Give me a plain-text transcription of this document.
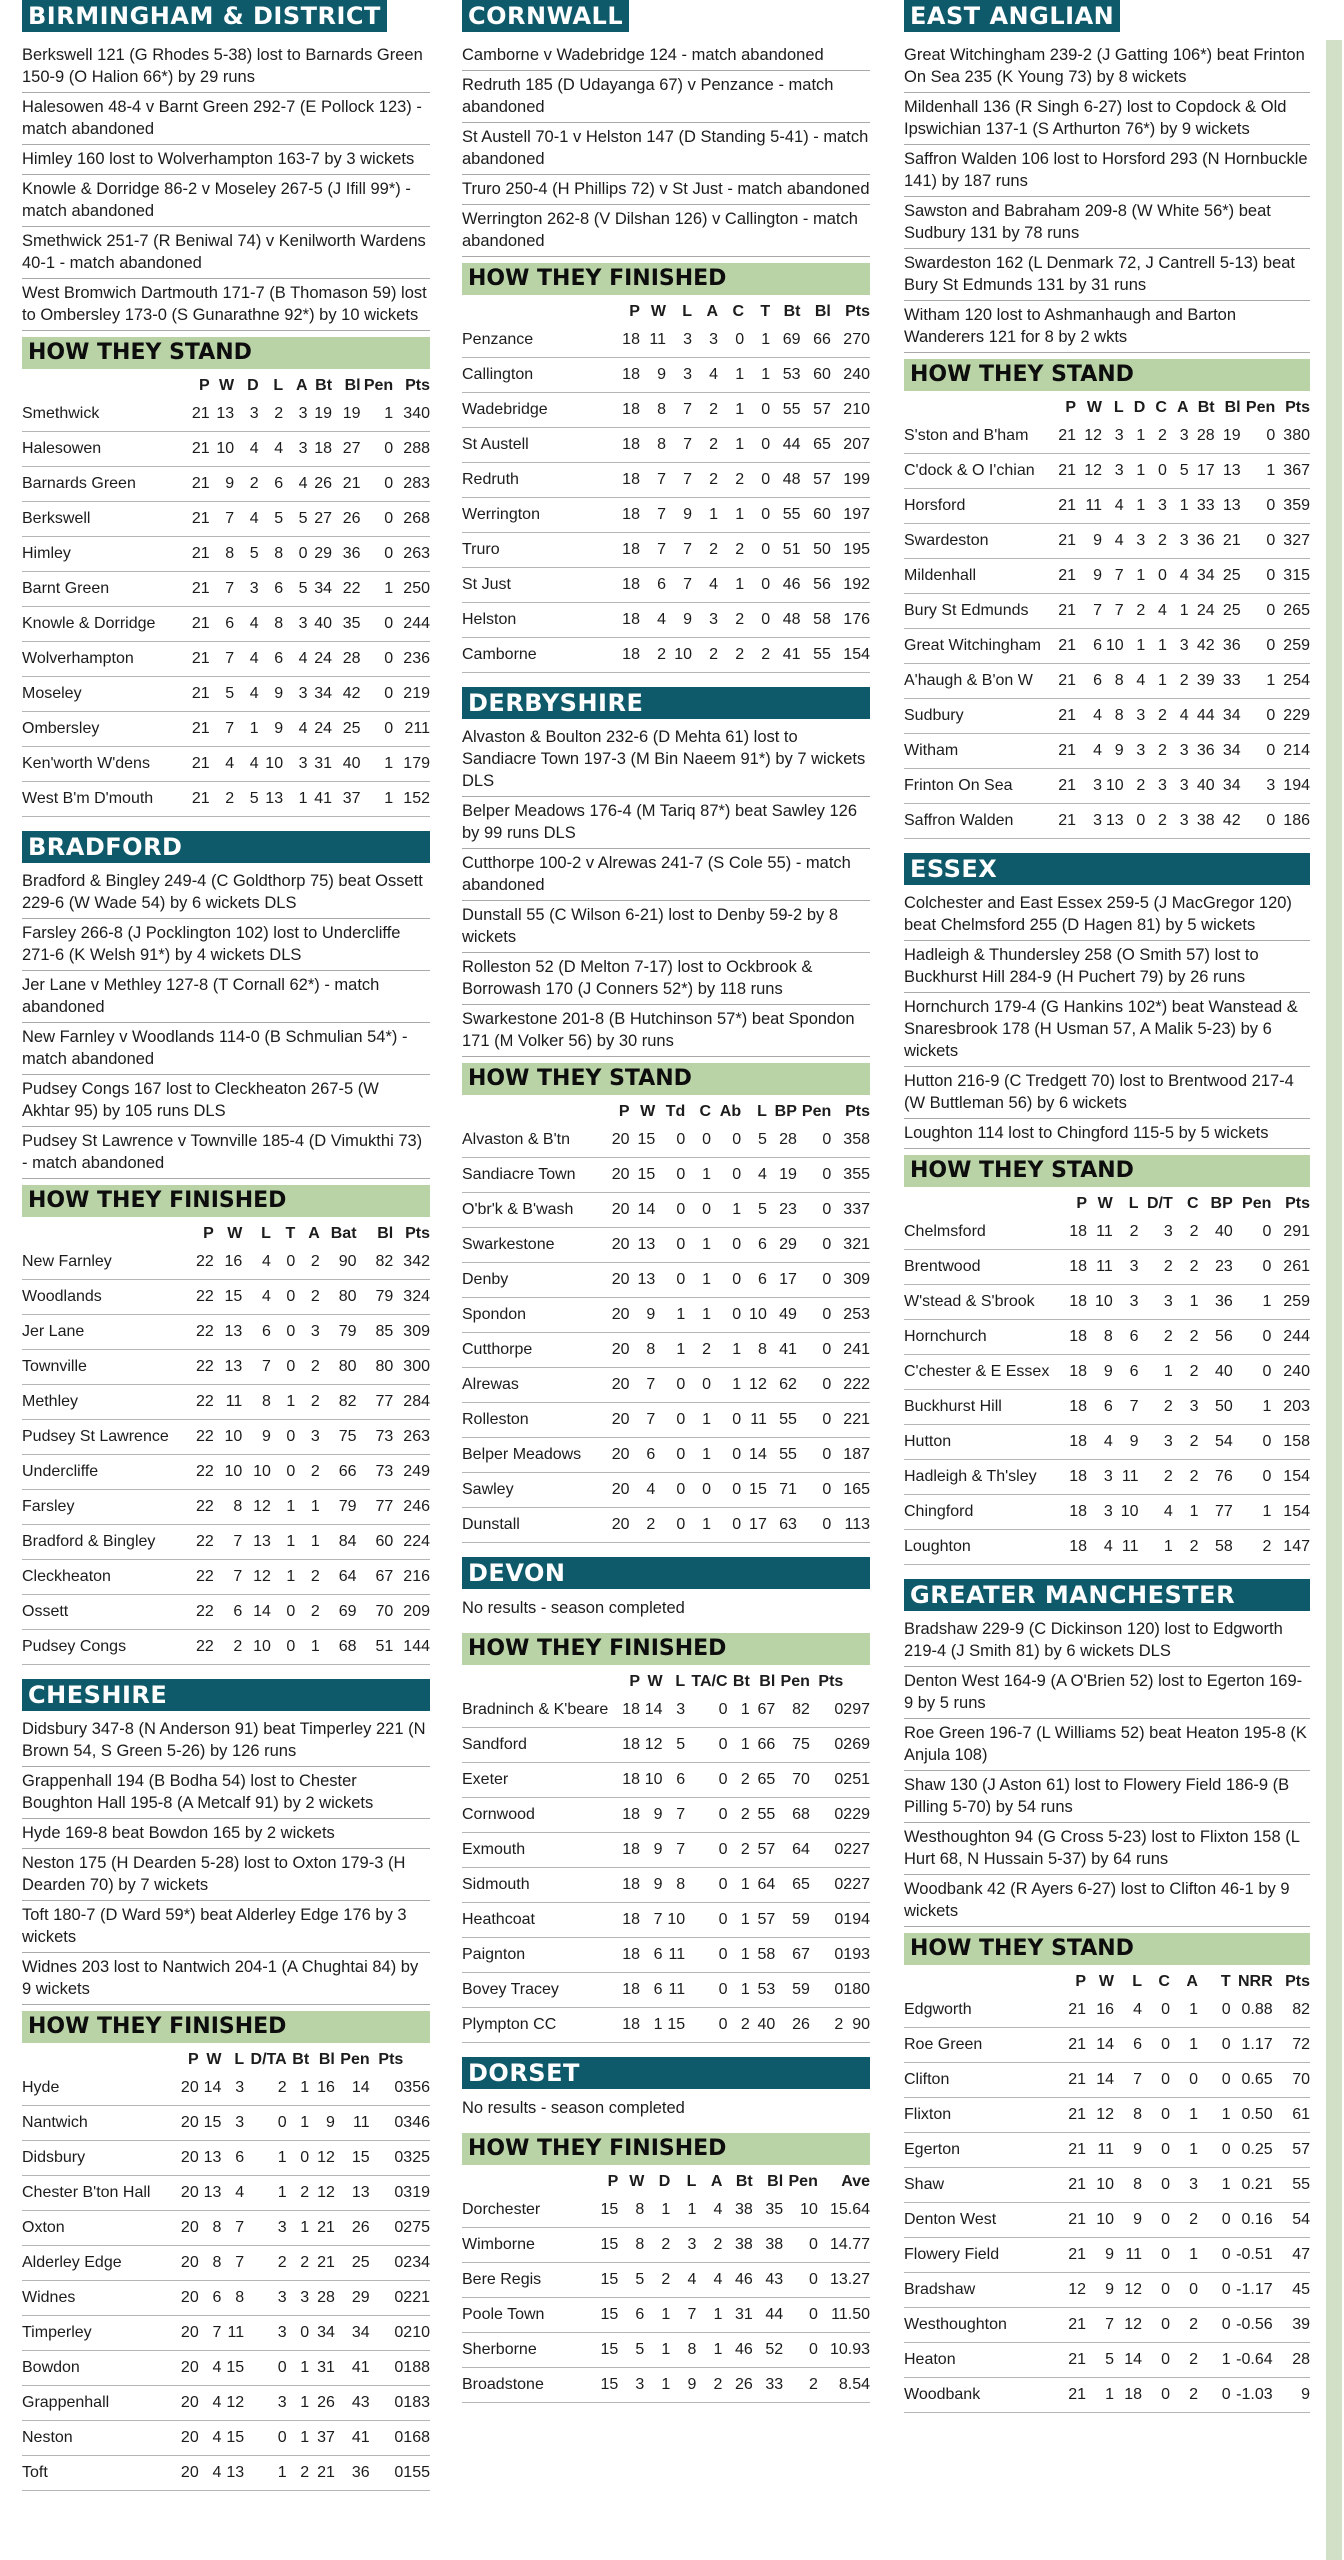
BIRMINGHAM & DISTRICT
Berkswell 121 (G Rhodes 5-38) lost to Barnards Green 150-9 (O Halion 66*) by 29 runs
Halesowen 48-4 v Barnt Green 292-7 (E Pollock 123) - match abandoned
Himley 160 lost to Wolverhampton 163-7 by 3 wickets
Knowle & Dorridge 86-2 v Moseley 267-5 (J Ifill 99*) - match abandoned
Smethwick 251-7 (R Beniwal 74) v Kenilworth Wardens 40-1 - match abandoned
West Bromwich Dartmouth 171-7 (B Thomason 59) lost to Ombersley 173-0 (S Gunarathne 92*) by 10 wickets
HOW THEY STAND
	P	W	D	L	A	Bt	Bl	Pen	Pts
Smethwick	21	13	3	2	3	19	19	1	340
Halesowen	21	10	4	4	3	18	27	0	288
Barnards Green	21	9	2	6	4	26	21	0	283
Berkswell	21	7	4	5	5	27	26	0	268
Himley	21	8	5	8	0	29	36	0	263
Barnt Green	21	7	3	6	5	34	22	1	250
Knowle & Dorridge	21	6	4	8	3	40	35	0	244
Wolverhampton	21	7	4	6	4	24	28	0	236
Moseley	21	5	4	9	3	34	42	0	219
Ombersley	21	7	1	9	4	24	25	0	211
Ken'worth W'dens	21	4	4	10	3	31	40	1	179
West B'm D'mouth	21	2	5	13	1	41	37	1	152
BRADFORD
Bradford & Bingley 249-4 (C Goldthorp 75) beat Ossett 229-6 (W Wade 54) by 6 wickets DLS
Farsley 266-8 (J Pocklington 102) lost to Undercliffe 271-6 (K Welsh 91*) by 4 wickets DLS
Jer Lane v Methley 127-8 (T Cornall 62*) - match abandoned
New Farnley v Woodlands 114-0 (B Schmulian 54*) - match abandoned
Pudsey Congs 167 lost to Cleckheaton 267-5 (W Akhtar 95) by 105 runs DLS
Pudsey St Lawrence v Townville 185-4 (D Vimukthi 73) - match abandoned
HOW THEY FINISHED
	P	W	L	T	A	Bat	Bl	Pts
New Farnley	22	16	4	0	2	90	82	342
Woodlands	22	15	4	0	2	80	79	324
Jer Lane	22	13	6	0	3	79	85	309
Townville	22	13	7	0	2	80	80	300
Methley	22	11	8	1	2	82	77	284
Pudsey St Lawrence	22	10	9	0	3	75	73	263
Undercliffe	22	10	10	0	2	66	73	249
Farsley	22	8	12	1	1	79	77	246
Bradford & Bingley	22	7	13	1	1	84	60	224
Cleckheaton	22	7	12	1	2	64	67	216
Ossett	22	6	14	0	2	69	70	209
Pudsey Congs	22	2	10	0	1	68	51	144
CHESHIRE
Didsbury 347-8 (N Anderson 91) beat Timperley 221 (N Brown 54, S Green 5-26) by 126 runs
Grappenhall 194 (B Bodha 54) lost to Chester Boughton Hall 195-8 (A Metcalf 91) by 2 wickets
Hyde 169-8 beat Bowdon 165 by 2 wickets
Neston 175 (H Dearden 5-28) lost to Oxton 179-3 (H Dearden 70) by 7 wickets
Toft 180-7 (D Ward 59*) beat Alderley Edge 176 by 3 wickets
Widnes 203 lost to Nantwich 204-1 (A Chughtai 84) by 9 wickets
HOW THEY FINISHED
	P	W	L	D/TA	Bt	Bl	Pen	Pts	
Hyde	20	14	3	2	1	16	14	0	356
Nantwich	20	15	3	0	1	9	11	0	346
Didsbury	20	13	6	1	0	12	15	0	325
Chester B'ton Hall	20	13	4	1	2	12	13	0	319
Oxton	20	8	7	3	1	21	26	0	275
Alderley Edge	20	8	7	2	2	21	25	0	234
Widnes	20	6	8	3	3	28	29	0	221
Timperley	20	7	11	3	0	34	34	0	210
Bowdon	20	4	15	0	1	31	41	0	188
Grappenhall	20	4	12	3	1	26	43	0	183
Neston	20	4	15	0	1	37	41	0	168
Toft	20	4	13	1	2	21	36	0	155
CORNWALL
Camborne v Wadebridge 124 - match abandoned
Redruth 185 (D Udayanga 67) v Penzance - match abandoned
St Austell 70-1 v Helston 147 (D Standing 5-41) - match abandoned
Truro 250-4 (H Phillips 72) v St Just - match abandoned
Werrington 262-8 (V Dilshan 126) v Callington - match abandoned
HOW THEY FINISHED
	P	W	L	A	C	T	Bt	Bl	Pts
Penzance	18	11	3	3	0	1	69	66	270
Callington	18	9	3	4	1	1	53	60	240
Wadebridge	18	8	7	2	1	0	55	57	210
St Austell	18	8	7	2	1	0	44	65	207
Redruth	18	7	7	2	2	0	48	57	199
Werrington	18	7	9	1	1	0	55	60	197
Truro	18	7	7	2	2	0	51	50	195
St Just	18	6	7	4	1	0	46	56	192
Helston	18	4	9	3	2	0	48	58	176
Camborne	18	2	10	2	2	2	41	55	154
DERBYSHIRE
Alvaston & Boulton 232-6 (D Mehta 61) lost to Sandiacre Town 197-3 (M Bin Naeem 91*) by 7 wickets DLS
Belper Meadows 176-4 (M Tariq 87*) beat Sawley 126 by 99 runs DLS
Cutthorpe 100-2 v Alrewas 241-7 (S Cole 55) - match abandoned
Dunstall 55 (C Wilson 6-21) lost to Denby 59-2 by 8 wickets
Rolleston 52 (D Melton 7-17) lost to Ockbrook & Borrowash 170 (J Conners 52*) by 118 runs
Swarkestone 201-8 (B Hutchinson 57*) beat Spondon 171 (M Volker 56) by 30 runs
HOW THEY STAND
	P	W	Td	C	Ab	L	BP	Pen	Pts
Alvaston & B'tn	20	15	0	0	0	5	28	0	358
Sandiacre Town	20	15	0	1	0	4	19	0	355
O'br'k & B'wash	20	14	0	0	1	5	23	0	337
Swarkestone	20	13	0	1	0	6	29	0	321
Denby	20	13	0	1	0	6	17	0	309
Spondon	20	9	1	1	0	10	49	0	253
Cutthorpe	20	8	1	2	1	8	41	0	241
Alrewas	20	7	0	0	1	12	62	0	222
Rolleston	20	7	0	1	0	11	55	0	221
Belper Meadows	20	6	0	1	0	14	55	0	187
Sawley	20	4	0	0	0	15	71	0	165
Dunstall	20	2	0	1	0	17	63	0	113
DEVON
No results - season completed
HOW THEY FINISHED
	P	W	L	TA/C	Bt	Bl	Pen	Pts	
Bradninch & K'beare	18	14	3	0	1	67	82	0	297
Sandford	18	12	5	0	1	66	75	0	269
Exeter	18	10	6	0	2	65	70	0	251
Cornwood	18	9	7	0	2	55	68	0	229
Exmouth	18	9	7	0	2	57	64	0	227
Sidmouth	18	9	8	0	1	64	65	0	227
Heathcoat	18	7	10	0	1	57	59	0	194
Paignton	18	6	11	0	1	58	67	0	193
Bovey Tracey	18	6	11	0	1	53	59	0	180
Plympton CC	18	1	15	0	2	40	26	2	90
DORSET
No results - season completed
HOW THEY FINISHED
	P	W	D	L	A	Bt	Bl	Pen	Ave
Dorchester	15	8	1	1	4	38	35	10	15.64
Wimborne	15	8	2	3	2	38	38	0	14.77
Bere Regis	15	5	2	4	4	46	43	0	13.27
Poole Town	15	6	1	7	1	31	44	0	11.50
Sherborne	15	5	1	8	1	46	52	0	10.93
Broadstone	15	3	1	9	2	26	33	2	8.54
EAST ANGLIAN
Great Witchingham 239-2 (J Gatting 106*) beat Frinton On Sea 235 (K Young 73) by 8 wickets
Mildenhall 136 (R Singh 6-27) lost to Copdock & Old Ipswichian 137-1 (S Arthurton 76*) by 9 wickets
Saffron Walden 106 lost to Horsford 293 (N Hornbuckle 141) by 187 runs
Sawston and Babraham 209-8 (W White 56*) beat Sudbury 131 by 78 runs
Swardeston 162 (L Denmark 72, J Cantrell 5-13) beat Bury St Edmunds 131 by 31 runs
Witham 120 lost to Ashmanhaugh and Barton Wanderers 121 for 8 by 2 wkts
HOW THEY STAND
	P	W	L	D	C	A	Bt	Bl	Pen	Pts
S'ston and B'ham	21	12	3	1	2	3	28	19	0	380
C'dock & O I'chian	21	12	3	1	0	5	17	13	1	367
Horsford	21	11	4	1	3	1	33	13	0	359
Swardeston	21	9	4	3	2	3	36	21	0	327
Mildenhall	21	9	7	1	0	4	34	25	0	315
Bury St Edmunds	21	7	7	2	4	1	24	25	0	265
Great Witchingham	21	6	10	1	1	3	42	36	0	259
A'haugh & B'on W	21	6	8	4	1	2	39	33	1	254
Sudbury	21	4	8	3	2	4	44	34	0	229
Witham	21	4	9	3	2	3	36	34	0	214
Frinton On Sea	21	3	10	2	3	3	40	34	3	194
Saffron Walden	21	3	13	0	2	3	38	42	0	186
ESSEX
Colchester and East Essex 259-5 (J MacGregor 120) beat Chelmsford 255 (D Hagen 81) by 5 wickets
Hadleigh & Thundersley 258 (O Smith 57) lost to Buckhurst Hill 284-9 (H Puchert 79) by 26 runs
Hornchurch 179-4 (G Hankins 102*) beat Wanstead & Snaresbrook 178 (H Usman 57, A Malik 5-23) by 6 wickets
Hutton 216-9 (C Tredgett 70) lost to Brentwood 217-4 (W Buttleman 56) by 6 wickets
Loughton 114 lost to Chingford 115-5 by 5 wickets
HOW THEY STAND
	P	W	L	D/T	C	BP	Pen	Pts
Chelmsford	18	11	2	3	2	40	0	291
Brentwood	18	11	3	2	2	23	0	261
W'stead & S'brook	18	10	3	3	1	36	1	259
Hornchurch	18	8	6	2	2	56	0	244
C'chester & E Essex	18	9	6	1	2	40	0	240
Buckhurst Hill	18	6	7	2	3	50	1	203
Hutton	18	4	9	3	2	54	0	158
Hadleigh & Th'sley	18	3	11	2	2	76	0	154
Chingford	18	3	10	4	1	77	1	154
Loughton	18	4	11	1	2	58	2	147
GREATER MANCHESTER
Bradshaw 229-9 (C Dickinson 120) lost to Edgworth 219-4 (J Smith 81) by 6 wickets DLS
Denton West 164-9 (A O'Brien 52) lost to Egerton 169-9 by 5 runs
Roe Green 196-7 (L Williams 52) beat Heaton 195-8 (K Anjula 108)
Shaw 130 (J Aston 61) lost to Flowery Field 186-9 (B Pilling 5-70) by 54 runs
Westhoughton 94 (G Cross 5-23) lost to Flixton 158 (L Hurt 68, N Hussain 5-37) by 64 runs
Woodbank 42 (R Ayers 6-27) lost to Clifton 46-1 by 9 wickets
HOW THEY STAND
	P	W	L	C	A	T	NRR	Pts
Edgworth	21	16	4	0	1	0	0.88	82
Roe Green	21	14	6	0	1	0	1.17	72
Clifton	21	14	7	0	0	0	0.65	70
Flixton	21	12	8	0	1	1	0.50	61
Egerton	21	11	9	0	1	0	0.25	57
Shaw	21	10	8	0	3	1	0.21	55
Denton West	21	10	9	0	2	0	0.16	54
Flowery Field	21	9	11	0	1	0	-0.51	47
Bradshaw	12	9	12	0	0	0	-1.17	45
Westhoughton	21	7	12	0	2	0	-0.56	39
Heaton	21	5	14	0	2	1	-0.64	28
Woodbank	21	1	18	0	2	0	-1.03	9
